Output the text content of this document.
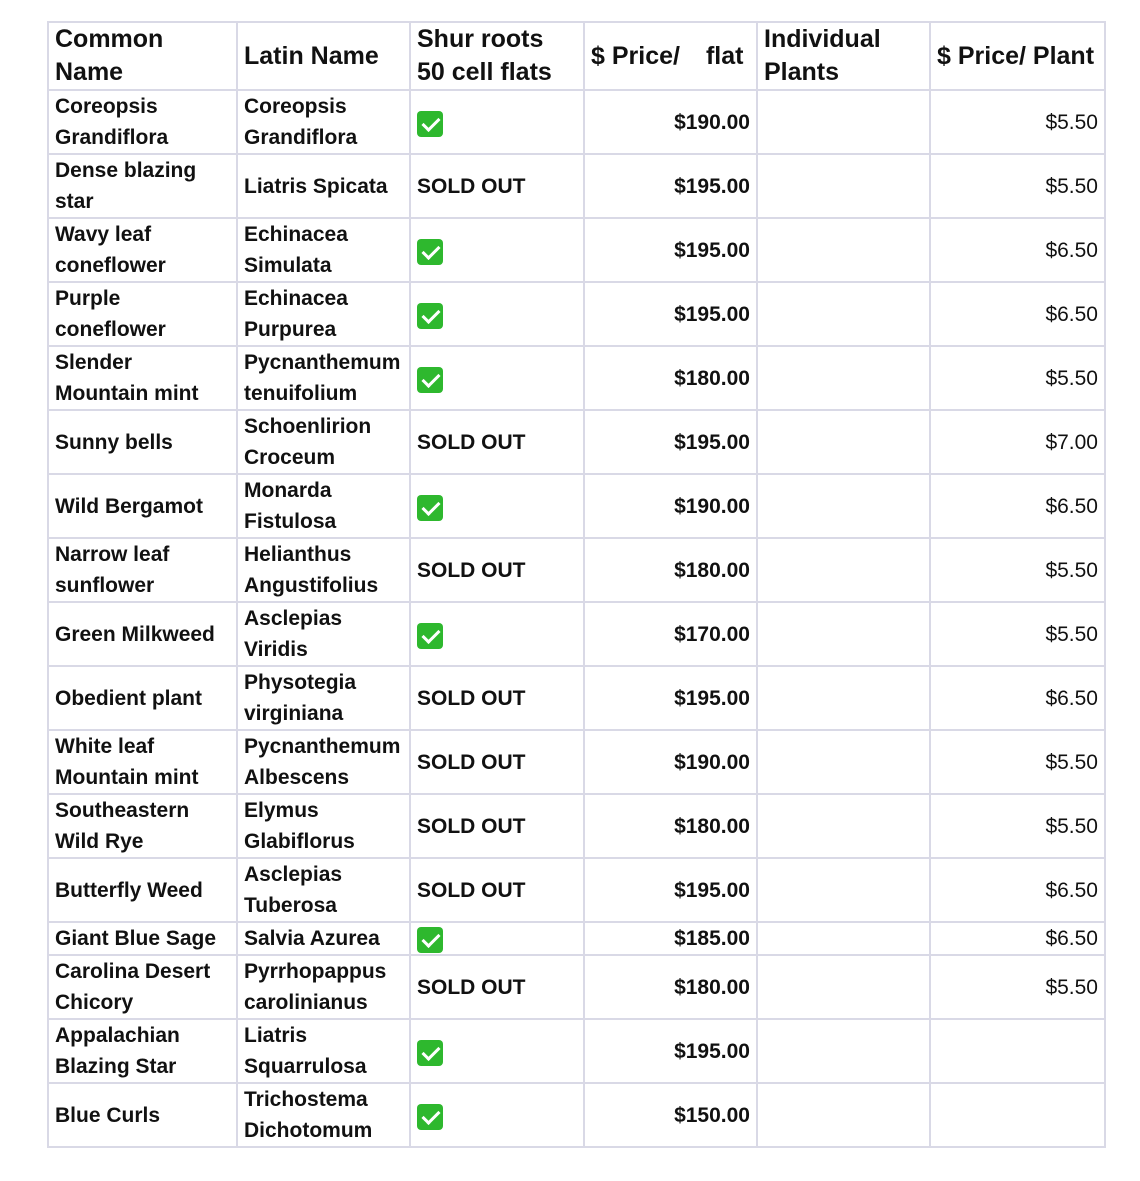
Common Name	Latin Name	Shur roots 50 cell flats	$ Price/ flat	Individual Plants	$ Price/ Plant
Coreopsis Grandiflora	Coreopsis Grandiflora		$190.00		$5.50
Dense blazing star	Liatris Spicata	SOLD OUT	$195.00		$5.50
Wavy leaf coneflower	Echinacea Simulata		$195.00		$6.50
Purple coneflower	Echinacea Purpurea		$195.00		$6.50
Slender Mountain mint	Pycnanthemum tenuifolium		$180.00		$5.50
Sunny bells	Schoenlirion Croceum	SOLD OUT	$195.00		$7.00
Wild Bergamot	Monarda Fistulosa		$190.00		$6.50
Narrow leaf sunflower	Helianthus Angustifolius	SOLD OUT	$180.00		$5.50
Green Milkweed	Asclepias Viridis		$170.00		$5.50
Obedient plant	Physotegia virginiana	SOLD OUT	$195.00		$6.50
White leaf Mountain mint	Pycnanthemum Albescens	SOLD OUT	$190.00		$5.50
Southeastern Wild Rye	Elymus Glabiflorus	SOLD OUT	$180.00		$5.50
Butterfly Weed	Asclepias Tuberosa	SOLD OUT	$195.00		$6.50
Giant Blue Sage	Salvia Azurea		$185.00		$6.50
Carolina Desert Chicory	Pyrrhopappus carolinianus	SOLD OUT	$180.00		$5.50
Appalachian Blazing Star	Liatris Squarrulosa		$195.00		
Blue Curls	Trichostema Dichotomum		$150.00		
